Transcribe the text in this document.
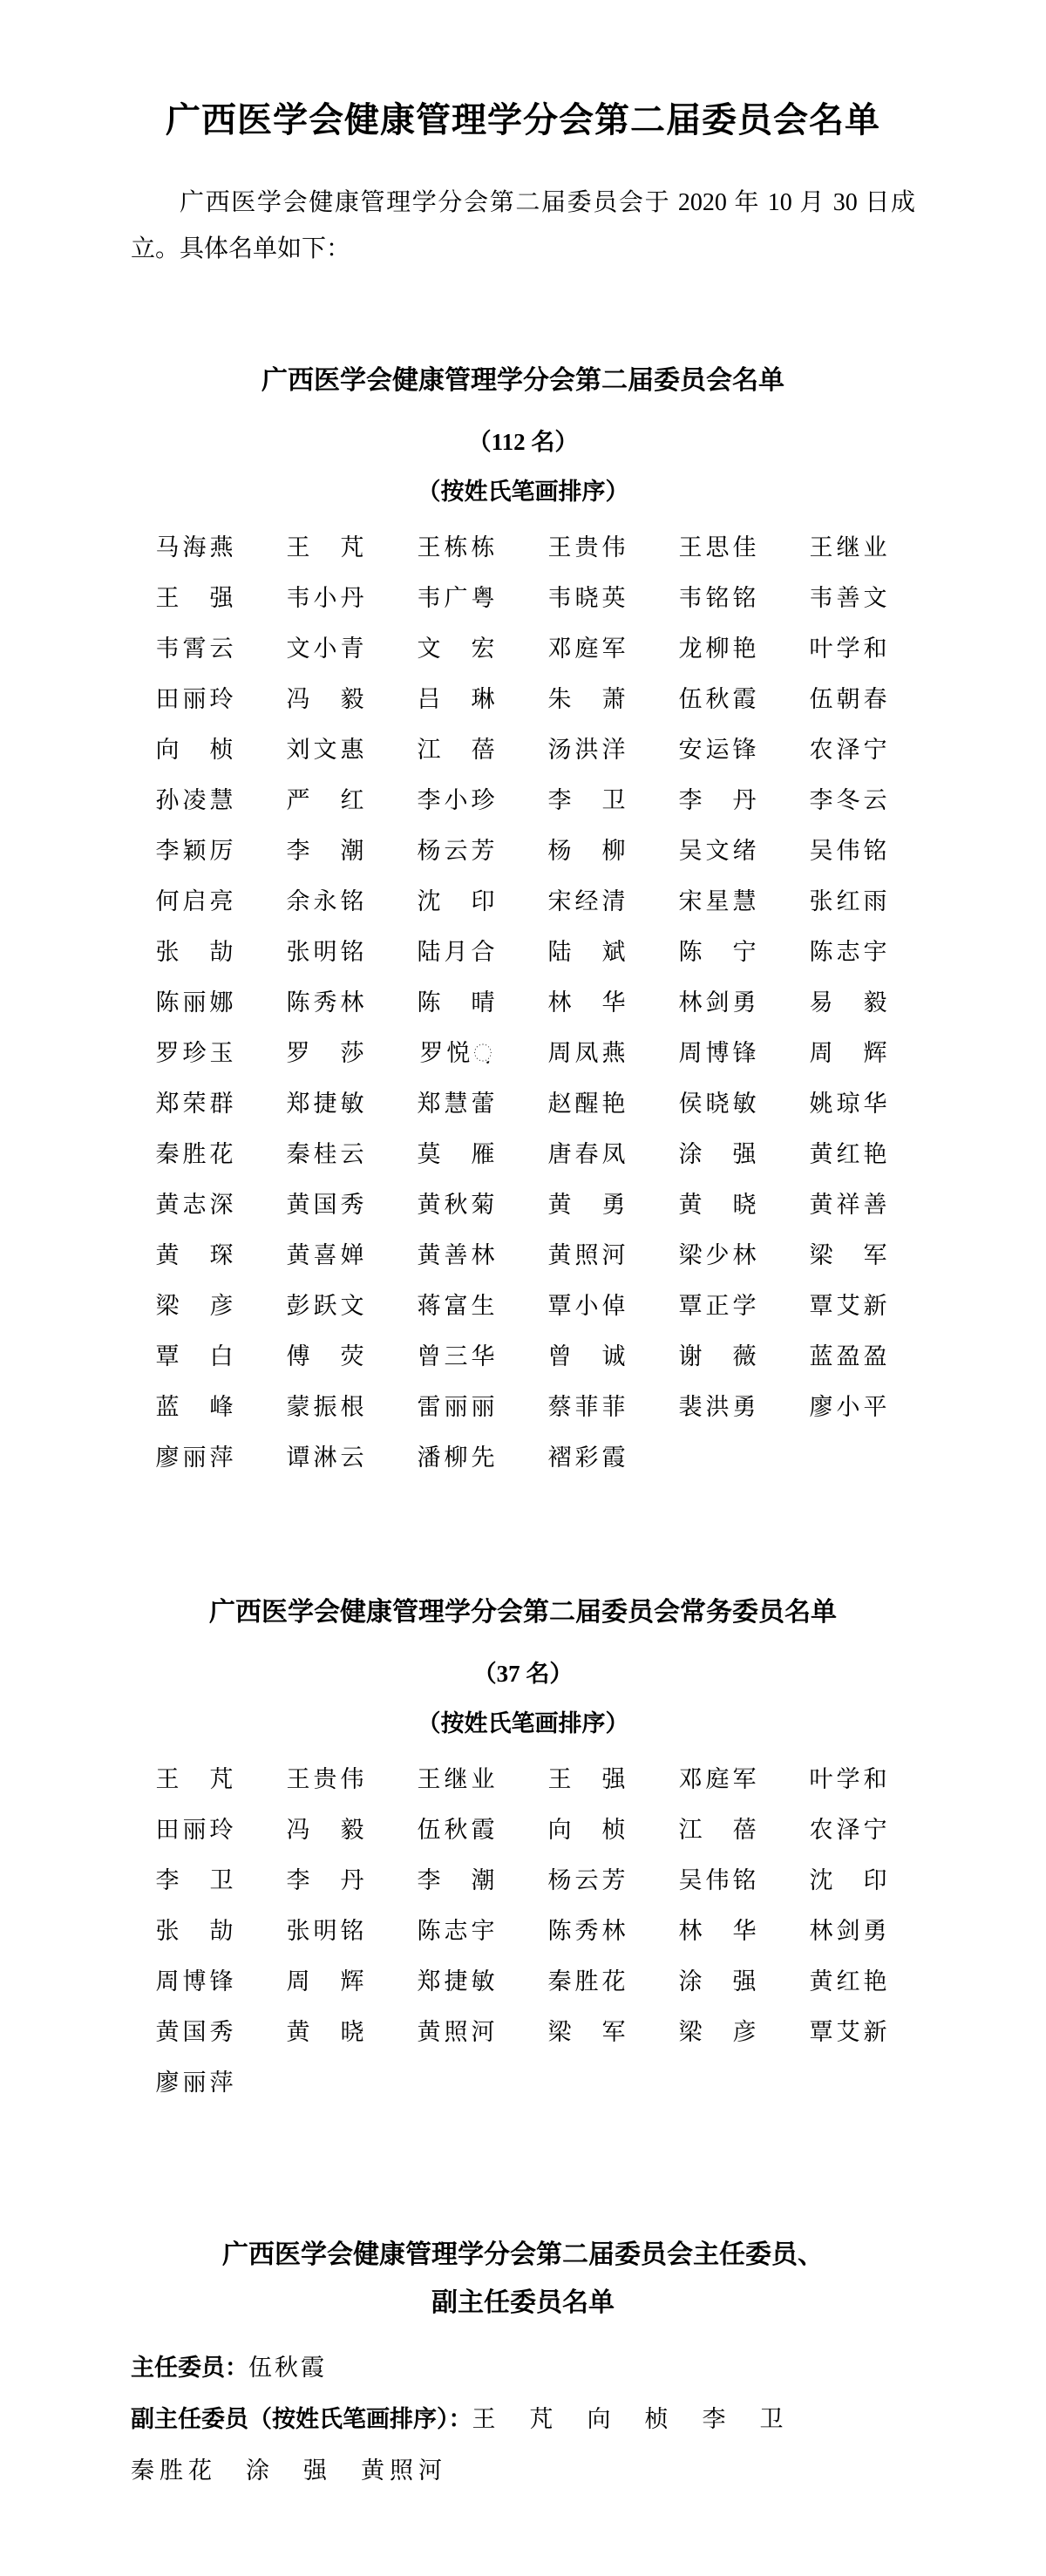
广西医学会健康管理学分会第二届委员会名单

广西医学会健康管理学分会第二届委员会于 2020 年 10 月 30 日成立。具体名单如下：

广西医学会健康管理学分会第二届委员会名单
（112 名）
（按姓氏笔画排序）
马海燕	王　芃	王栋栋	王贵伟	王思佳	王继业
王　强	韦小丹	韦广粤	韦晓英	韦铭铭	韦善文
韦霄云	文小青	文　宏	邓庭军	龙柳艳	叶学和
田丽玲	冯　毅	吕　琳	朱　萧	伍秋霞	伍朝春
向　桢	刘文惠	江　蓓	汤洪洋	安运锋	农泽宁
孙凌慧	严　红	李小珍	李　卫	李　丹	李冬云
李颖厉	李　潮	杨云芳	杨　柳	吴文绪	吴伟铭
何启亮	余永铭	沈　印	宋经清	宋星慧	张红雨
张　劼	张明铭	陆月合	陆　斌	陈　宁	陈志宇
陈丽娜	陈秀林	陈　晴	林　华	林剑勇	易　毅
罗珍玉	罗　莎	罗悦઼	周凤燕	周博锋	周　辉
郑荣群	郑捷敏	郑慧蕾	赵醒艳	侯晓敏	姚琼华
秦胜花	秦桂云	莫　雁	唐春凤	涂　强	黄红艳
黄志深	黄国秀	黄秋菊	黄　勇	黄　晓	黄祥善
黄　琛	黄喜婵	黄善林	黄照河	梁少林	梁　军
梁　彦	彭跃文	蒋富生	覃小倬	覃正学	覃艾新
覃　白	傅　荧	曾三华	曾　诚	谢　薇	蓝盈盈
蓝　峰	蒙振根	雷丽丽	蔡菲菲	裴洪勇	廖小平
廖丽萍	谭淋云	潘柳先	褶彩霞		
广西医学会健康管理学分会第二届委员会常务委员名单
（37 名）
（按姓氏笔画排序）
王　芃	王贵伟	王继业	王　强	邓庭军	叶学和
田丽玲	冯　毅	伍秋霞	向　桢	江　蓓	农泽宁
李　卫	李　丹	李　潮	杨云芳	吴伟铭	沈　印
张　劼	张明铭	陈志宇	陈秀林	林　华	林剑勇
周博锋	周　辉	郑捷敏	秦胜花	涂　强	黄红艳
黄国秀	黄　晓	黄照河	梁　军	梁　彦	覃艾新
廖丽萍					
广西医学会健康管理学分会第二届委员会主任委员、
副主任委员名单
主任委员：伍秋霞
副主任委员（按姓氏笔画排序）：王　芃　向　桢　李　卫
秦胜花　涂　强　黄照河
